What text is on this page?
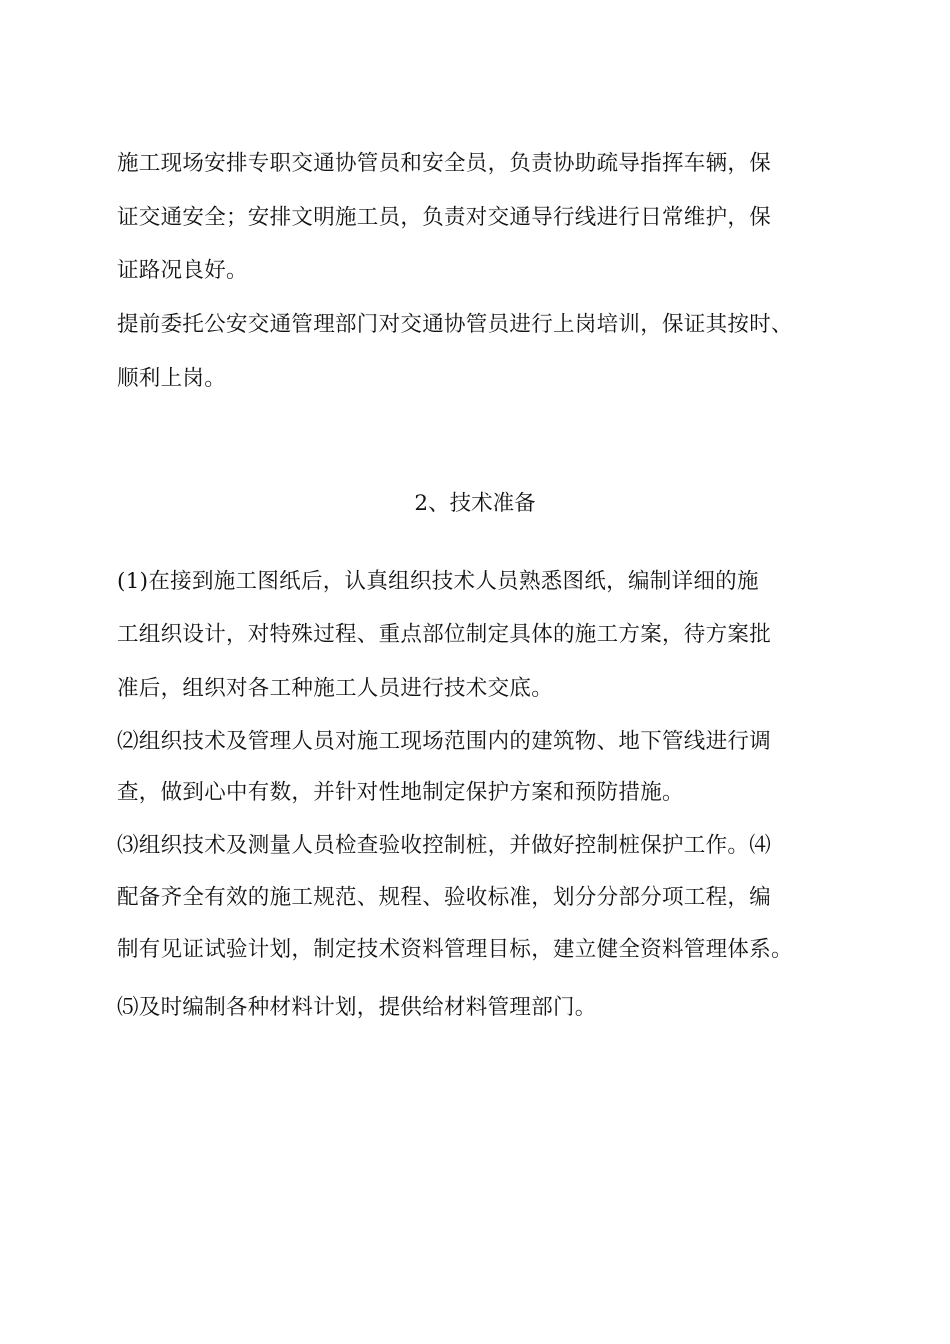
施工现场安排专职交通协管员和安全员，负责协助疏导指挥车辆，保
证交通安全；安排文明施工员，负责对交通导行线进行日常维护，保
证路况良好。
提前委托公安交通管理部门对交通协管员进行上岗培训，保证其按时、
顺利上岗。
2、技术准备
(1)在接到施工图纸后，认真组织技术人员熟悉图纸，编制详细的施
工组织设计，对特殊过程、重点部位制定具体的施工方案，待方案批
准后，组织对各工种施工人员进行技术交底。
⑵组织技术及管理人员对施工现场范围内的建筑物、地下管线进行调
查，做到心中有数，并针对性地制定保护方案和预防措施。
⑶组织技术及测量人员检查验收控制桩，并做好控制桩保护工作。⑷
配备齐全有效的施工规范、规程、验收标准，划分分部分项工程，编
制有见证试验计划，制定技术资料管理目标，建立健全资料管理体系。
⑸及时编制各种材料计划，提供给材料管理部门。
